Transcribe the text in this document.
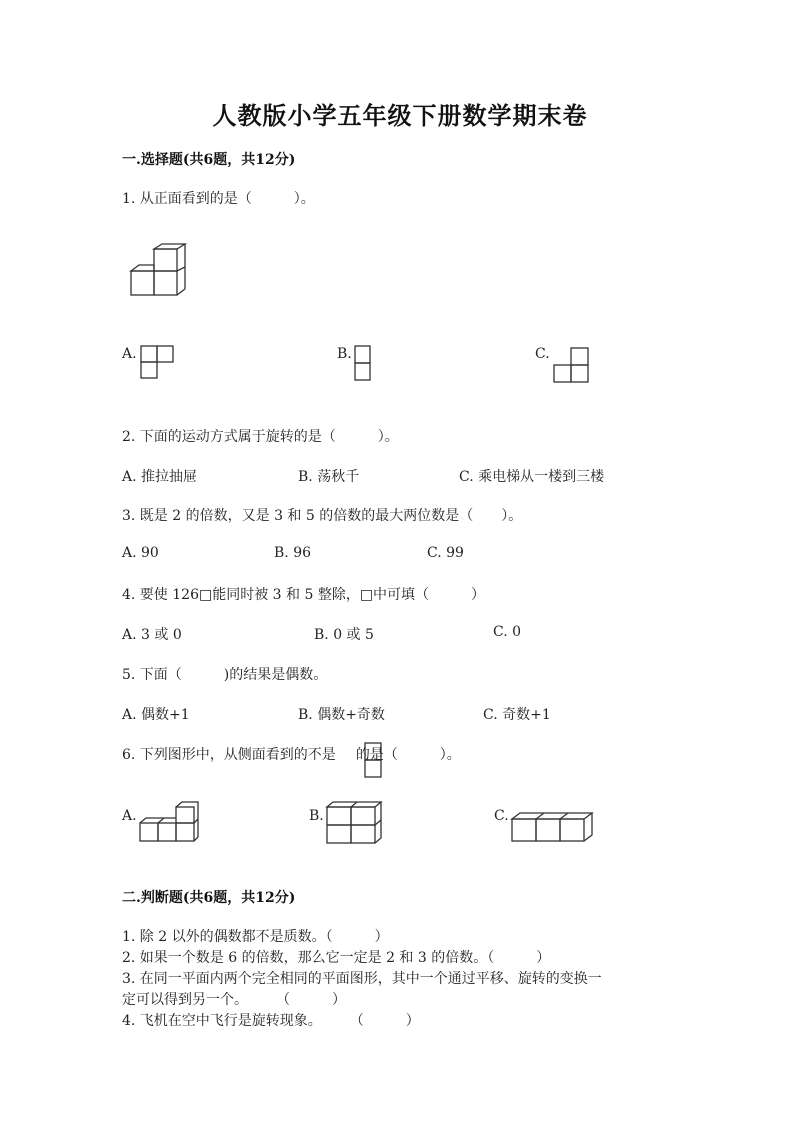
人教版小学五年级下册数学期末卷
一.选择题(共6题，共12分)
1. 从正面看到的是（　　　）。
A.	B.	C.
2. 下面的运动方式属于旋转的是（　　　）。
A. 推拉抽屉	B. 荡秋千	C. 乘电梯从一楼到三楼
3. 既是 2 的倍数，又是 3 和 5 的倍数的最大两位数是（　　）。
A. 90	B. 96	C. 99
4. 要使 126□能同时被 3 和 5 整除，□中可填（　　　）
A. 3 或 0	B. 0 或 5	C. 0
5. 下面（　　　)的结果是偶数。
A. 偶数+1	B. 偶数+奇数	C. 奇数+1
6. 下列图形中，从侧面看到的不是 的是（　　　）。
A.	B.	C.
二.判断题(共6题，共12分)
1. 除 2 以外的偶数都不是质数。（　　　）
2. 如果一个数是 6 的倍数，那么它一定是 2 和 3 的倍数。（　　　）
3. 在同一平面内两个完全相同的平面图形，其中一个通过平移、旋转的变换一
定可以得到另一个。　　　（　　　）
4. 飞机在空中飞行是旋转现象。　　　（　　　）
